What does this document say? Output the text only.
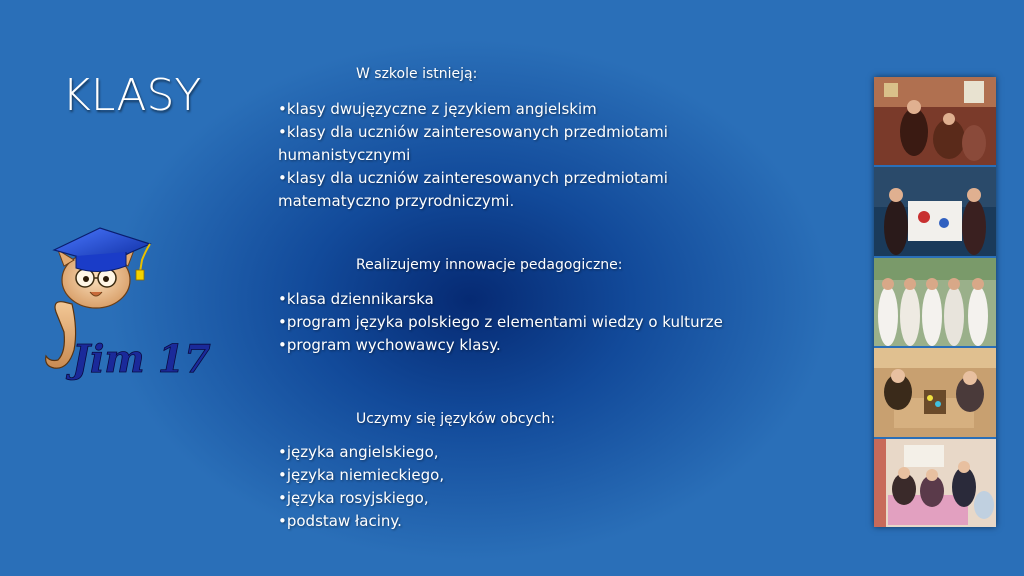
KLASY
Jim 17
W szkole istnieją:
•klasy dwujęzyczne z językiem angielskim
•klasy dla uczniów zainteresowanych przedmiotami humanistycznymi
•klasy dla uczniów zainteresowanych przedmiotami matematyczno przyrodniczymi.
Realizujemy innowacje pedagogiczne:
•klasa dziennikarska
•program języka polskiego z elementami wiedzy o kulturze
•program wychowawcy klasy.
Uczymy się języków obcych:
•języka angielskiego,
•języka niemieckiego,
•języka rosyjskiego,
•podstaw łaciny.
